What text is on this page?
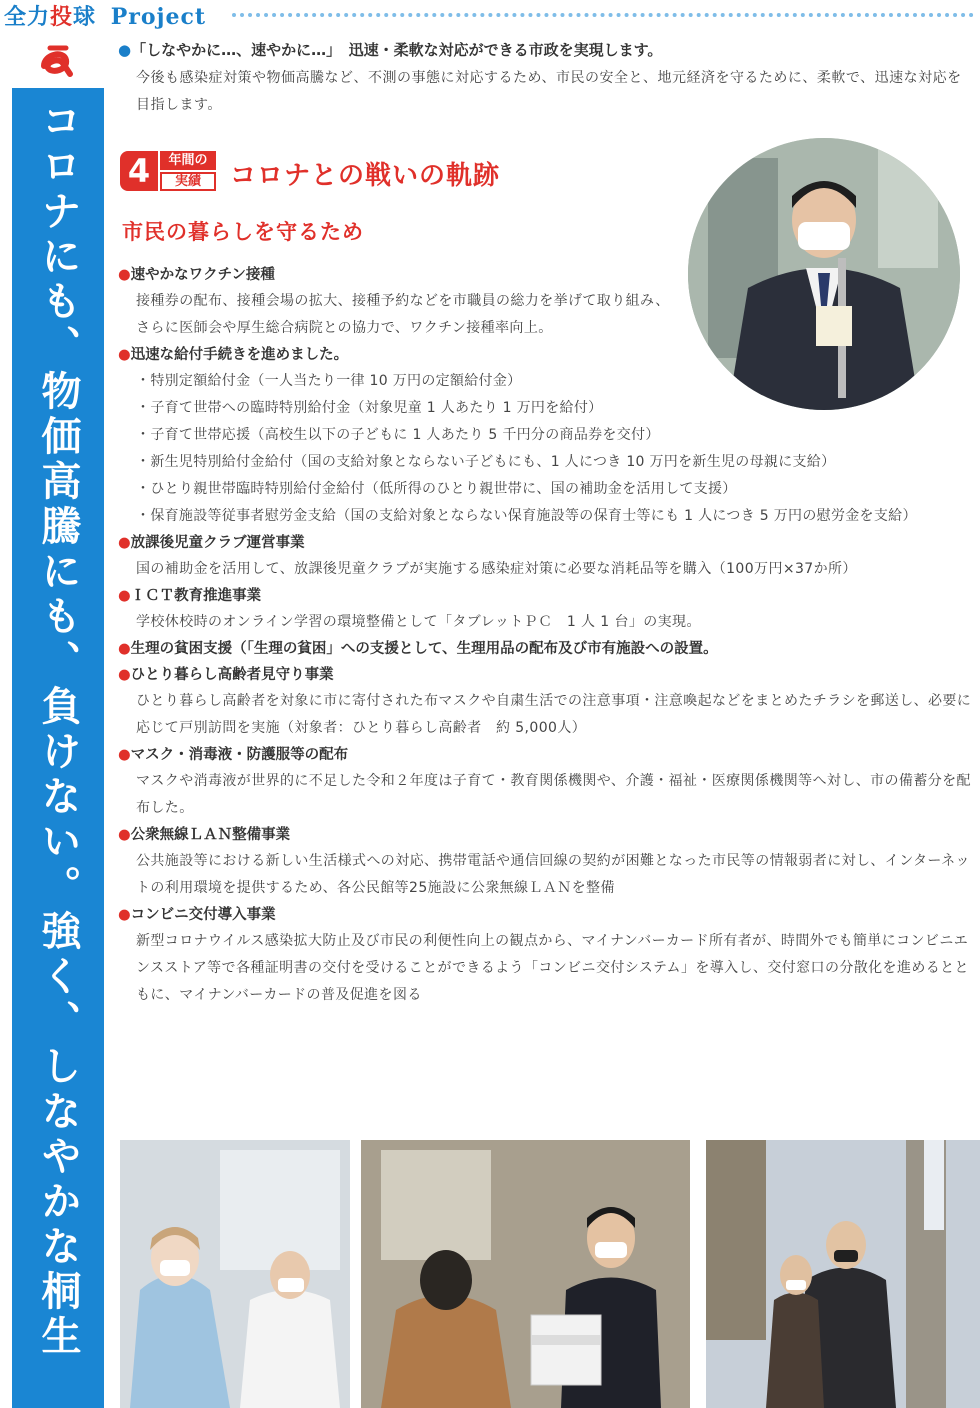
全力投球 Project
コロナにも、物価高騰にも、負けない。強く、しなやかな桐生
●「しなやかに…、速やかに…」　迅速・柔軟な対応ができる市政を実現します。
今後も感染症対策や物価高騰など、不測の事態に対応するため、市民の安全と、地元経済を守るために、柔軟で、迅速な対応を目指します。
4	年間の
実績	コロナとの戦いの軌跡
市民の暮らしを守るため
●速やかなワクチン接種
接種券の配布、接種会場の拡大、接種予約などを市職員の総力を挙げて取り組み、さらに医師会や厚生総合病院との協力で、ワクチン接種率向上。
●迅速な給付手続きを進めました。
・ 特別定額給付金（一人当たり一律 10 万円の定額給付金）
・ 子育て世帯への臨時特別給付金（対象児童 1 人あたり 1 万円を給付）
・ 子育て世帯応援（高校生以下の子どもに 1 人あたり 5 千円分の商品券を交付）
・ 新生児特別給付金給付（国の支給対象とならない子どもにも、1 人につき 10 万円を新生児の母親に支給）
・ ひとり親世帯臨時特別給付金給付（低所得のひとり親世帯に、国の補助金を活用して支援）
・ 保育施設等従事者慰労金支給（国の支給対象とならない保育施設等の保育士等にも 1 人につき 5 万円の慰労金を支給）
●放課後児童クラブ運営事業
国の補助金を活用して、放課後児童クラブが実施する感染症対策に必要な消耗品等を購入（100万円×37か所）
●ＩＣＴ教育推進事業
学校休校時のオンライン学習の環境整備として「タブレットＰＣ　1 人 1 台」の実現。
●生理の貧困支援（「生理の貧困」への支援として、生理用品の配布及び市有施設への設置。
●ひとり暮らし高齢者見守り事業
ひとり暮らし高齢者を対象に市に寄付された布マスクや自粛生活での注意事項・注意喚起などをまとめたチラシを郵送し、必要に応じて戸別訪問を実施（対象者：ひとり暮らし高齢者　約 5,000人）
●マスク・消毒液・防護服等の配布
マスクや消毒液が世界的に不足した令和２年度は子育て・教育関係機関や、介護・福祉・医療関係機関等へ対し、市の備蓄分を配布した。
●公衆無線ＬＡＮ整備事業
公共施設等における新しい生活様式への対応、携帯電話や通信回線の契約が困難となった市民等の情報弱者に対し、インターネットの利用環境を提供するため、各公民館等25施設に公衆無線ＬＡＮを整備
●コンビニ交付導入事業
新型コロナウイルス感染拡大防止及び市民の利便性向上の観点から、マイナンバーカード所有者が、時間外でも簡単にコンビニエンスストア等で各種証明書の交付を受けることができるよう「コンビニ交付システム」を導入し、交付窓口の分散化を進めるとともに、マイナンバーカードの普及促進を図る
